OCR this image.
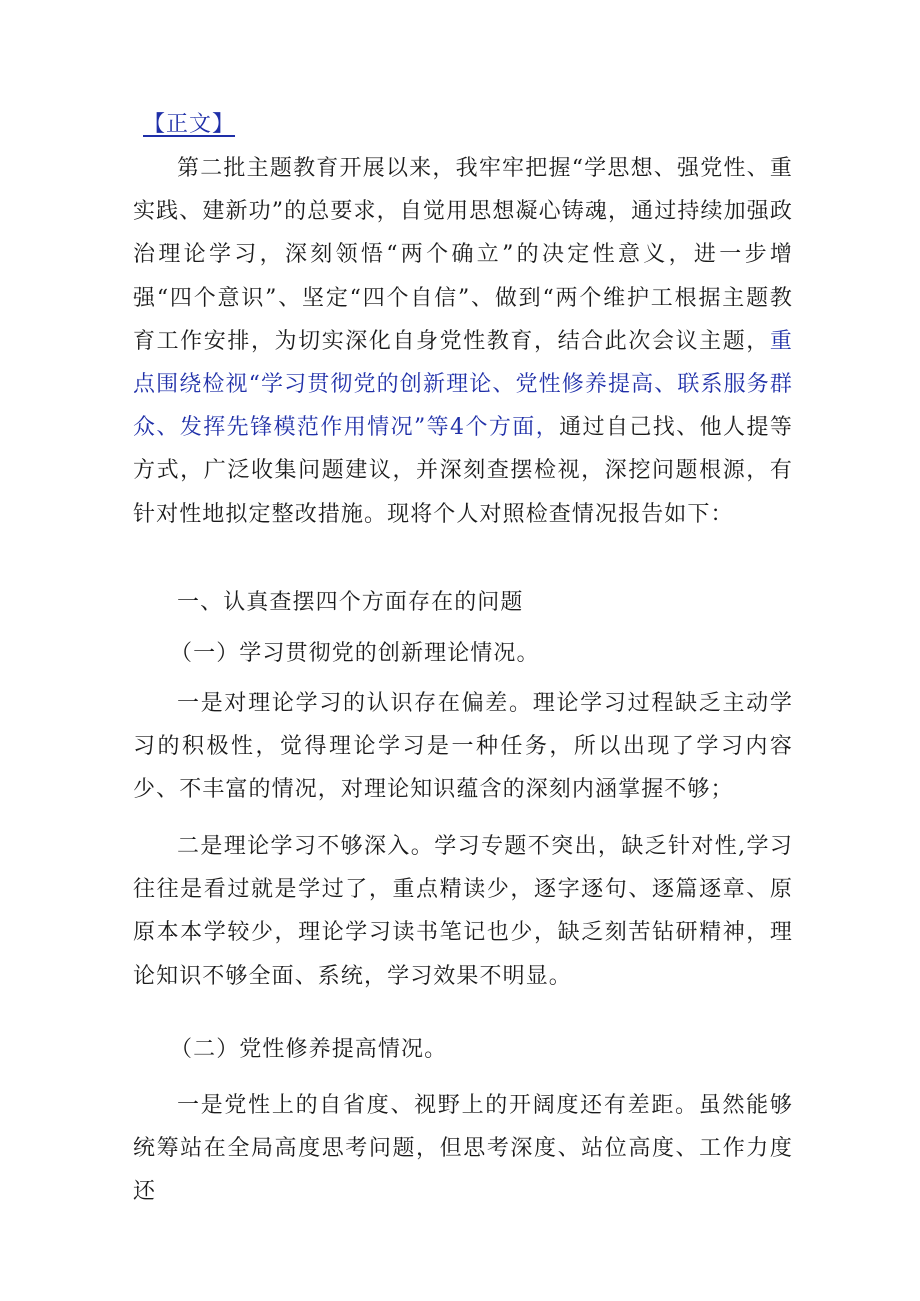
【正文】

第二批主题教育开展以来，我牢牢把握“学思想、强党性、重实践、建新功”的总要求，自觉用思想凝心铸魂，通过持续加强政治理论学习，深刻领悟“两个确立”的决定性意义，进一步增强“四个意识”、坚定“四个自信”、做到“两个维护工根据主题教育工作安排，为切实深化自身党性教育，结合此次会议主题，重点围绕检视“学习贯彻党的创新理论、党性修养提高、联系服务群众、发挥先锋模范作用情况”等4个方面，通过自己找、他人提等方式，广泛收集问题建议，并深刻查摆检视，深挖问题根源，有针对性地拟定整改措施。现将个人对照检查情况报告如下：

一、认真查摆四个方面存在的问题
（一）学习贯彻党的创新理论情况。

一是对理论学习的认识存在偏差。理论学习过程缺乏主动学习的积极性，觉得理论学习是一种任务，所以出现了学习内容少、不丰富的情况，对理论知识蕴含的深刻内涵掌握不够；

二是理论学习不够深入。学习专题不突出，缺乏针对性,学习往往是看过就是学过了，重点精读少，逐字逐句、逐篇逐章、原原本本学较少，理论学习读书笔记也少，缺乏刻苦钻研精神，理论知识不够全面、系统，学习效果不明显。

（二）党性修养提高情况。

一是党性上的自省度、视野上的开阔度还有差距。虽然能够统筹站在全局高度思考问题，但思考深度、站位高度、工作力度还
